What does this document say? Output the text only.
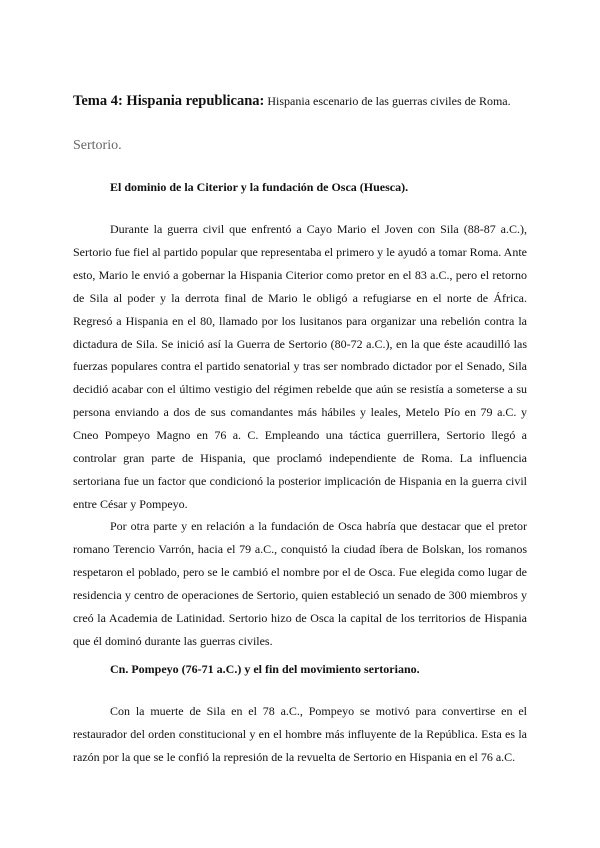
Tema 4: Hispania republicana: Hispania escenario de las guerras civiles de Roma.
Sertorio.
El dominio de la Citerior y la fundación de Osca (Huesca).

Durante la guerra civil que enfrentó a Cayo Mario el Joven con Sila (88-87 a.C.), Sertorio fue fiel al partido popular que representaba el primero y le ayudó a tomar Roma. Ante esto, Mario le envió a gobernar la Hispania Citerior como pretor en el 83 a.C., pero el retorno de Sila al poder y la derrota final de Mario le obligó a refugiarse en el norte de África. Regresó a Hispania en el 80, llamado por los lusitanos para organizar una rebelión contra la dictadura de Sila. Se inició así la Guerra de Sertorio (80-72 a.C.), en la que éste acaudilló las fuerzas populares contra el partido senatorial y tras ser nombrado dictador por el Senado, Sila decidió acabar con el último vestigio del régimen rebelde que aún se resistía a someterse a su persona enviando a dos de sus comandantes más hábiles y leales, Metelo Pío en 79 a.C. y Cneo Pompeyo Magno en 76 a. C. Empleando una táctica guerrillera, Sertorio llegó a controlar gran parte de Hispania, que proclamó independiente de Roma. La influencia sertoriana fue un factor que condicionó la posterior implicación de Hispania en la guerra civil entre César y Pompeyo.

Por otra parte y en relación a la fundación de Osca habría que destacar que el pretor romano Terencio Varrón, hacia el 79 a.C., conquistó la ciudad íbera de Bolskan, los romanos respetaron el poblado, pero se le cambió el nombre por el de Osca. Fue elegida como lugar de residencia y centro de operaciones de Sertorio, quien estableció un senado de 300 miembros y creó la Academia de Latinidad. Sertorio hizo de Osca la capital de los territorios de Hispania que él dominó durante las guerras civiles.

Cn. Pompeyo (76-71 a.C.) y el fin del movimiento sertoriano.

Con la muerte de Sila en el 78 a.C., Pompeyo se motivó para convertirse en el restaurador del orden constitucional y en el hombre más influyente de la República. Esta es la razón por la que se le confió la represión de la revuelta de Sertorio en Hispania en el 76 a.C.
